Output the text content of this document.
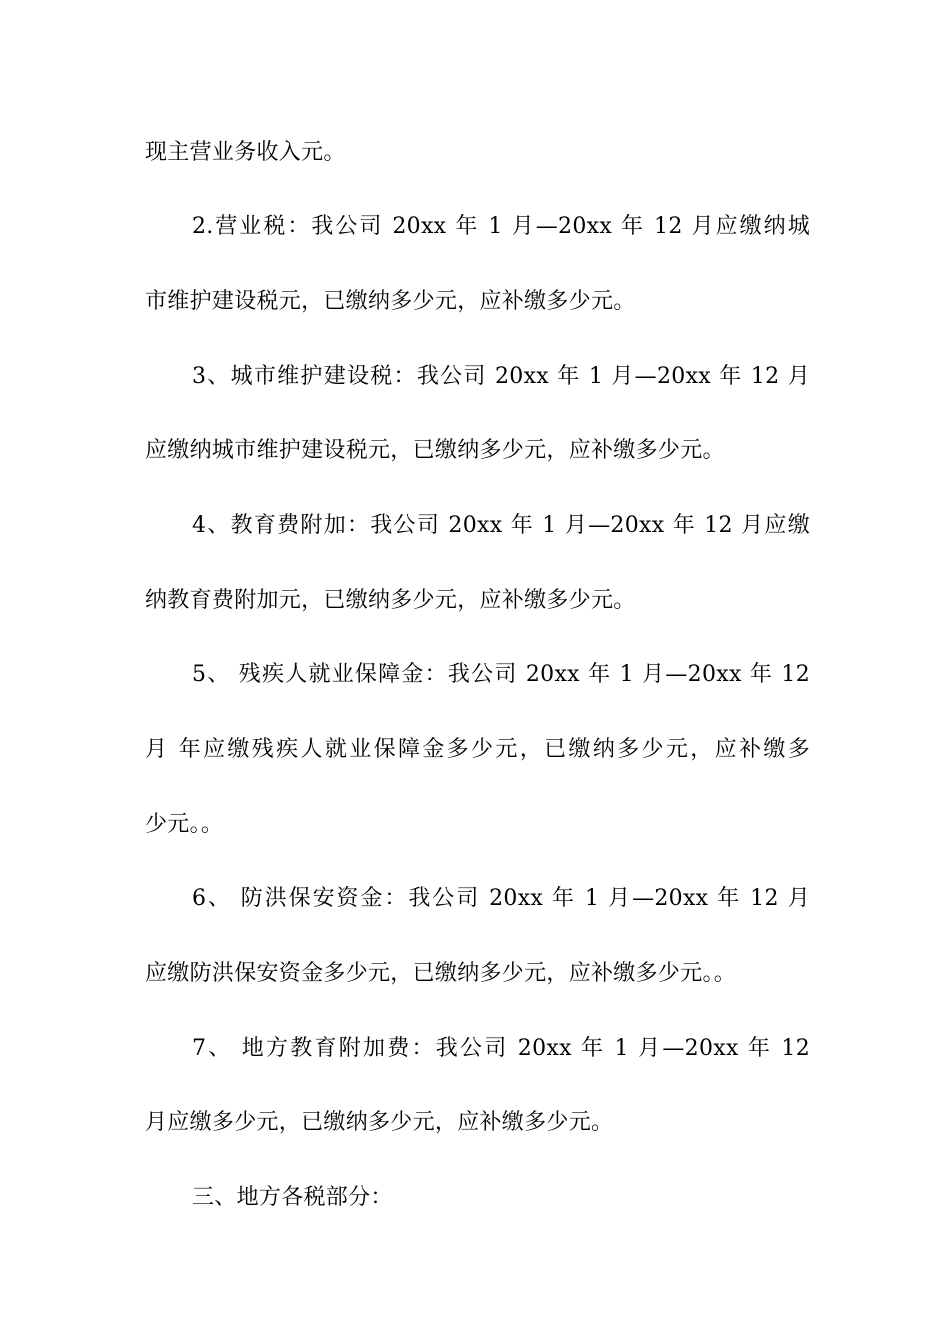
现主营业务收入元。
2.营业税：我公司 20xx 年 1 月—20xx 年 12 月应缴纳城
市维护建设税元，已缴纳多少元，应补缴多少元。
3、城市维护建设税：我公司 20xx 年 1 月—20xx 年 12 月
应缴纳城市维护建设税元，已缴纳多少元，应补缴多少元。
4、教育费附加：我公司 20xx 年 1 月—20xx 年 12 月应缴
纳教育费附加元，已缴纳多少元，应补缴多少元。
5、 残疾人就业保障金：我公司 20xx 年 1 月—20xx 年 12
月 年应缴残疾人就业保障金多少元，已缴纳多少元，应补缴多
少元。。
6、 防洪保安资金：我公司 20xx 年 1 月—20xx 年 12 月
应缴防洪保安资金多少元，已缴纳多少元，应补缴多少元。。
7、 地方教育附加费：我公司 20xx 年 1 月—20xx 年 12
月应缴多少元，已缴纳多少元，应补缴多少元。
三、地方各税部分：
